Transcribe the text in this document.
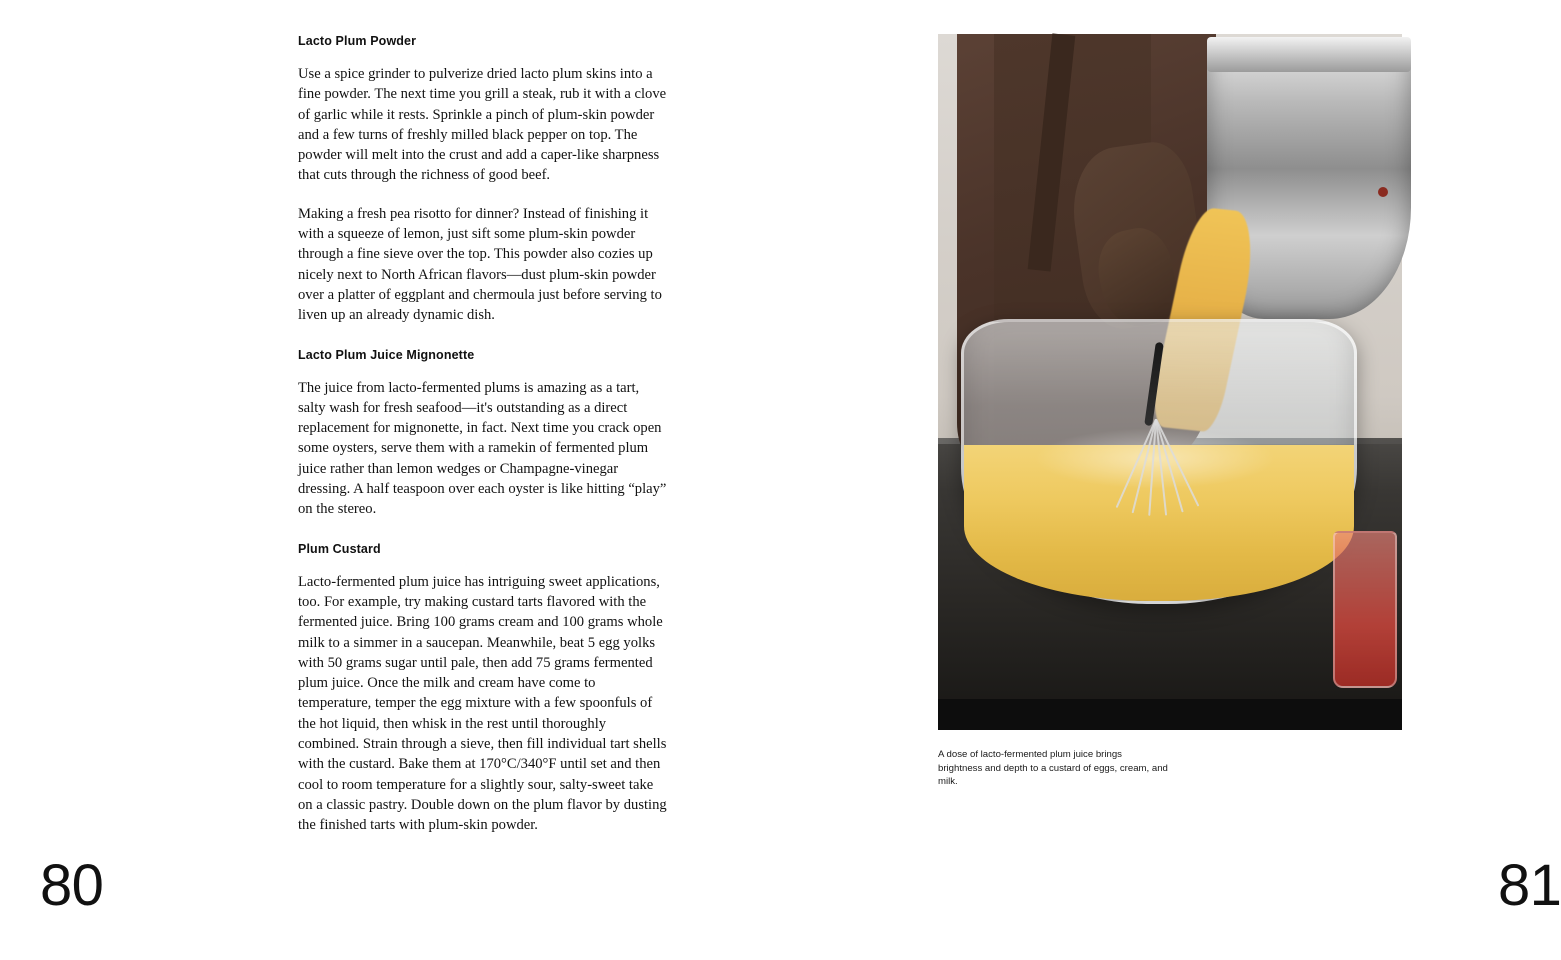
Lacto Plum Powder

Use a spice grinder to pulverize dried lacto plum skins into a fine powder. The next time you grill a steak, rub it with a clove of garlic while it rests. Sprinkle a pinch of plum-skin powder and a few turns of freshly milled black pepper on top. The powder will melt into the crust and add a caper-like sharpness that cuts through the richness of good beef.

Making a fresh pea risotto for dinner? Instead of finishing it with a squeeze of lemon, just sift some plum-skin powder through a fine sieve over the top. This powder also cozies up nicely next to North African flavors—dust plum-skin powder over a platter of eggplant and chermoula just before serving to liven up an already dynamic dish.

Lacto Plum Juice Mignonette

The juice from lacto-fermented plums is amazing as a tart, salty wash for fresh seafood—it's outstanding as a direct replacement for mignonette, in fact. Next time you crack open some oysters, serve them with a ramekin of fermented plum juice rather than lemon wedges or Champagne-vinegar dressing. A half teaspoon over each oyster is like hitting “play” on the stereo.

Plum Custard

Lacto-fermented plum juice has intriguing sweet applications, too. For example, try making custard tarts flavored with the fermented juice. Bring 100 grams cream and 100 grams whole milk to a simmer in a saucepan. Meanwhile, beat 5 egg yolks with 50 grams sugar until pale, then add 75 grams fermented plum juice. Once the milk and cream have come to temperature, temper the egg mixture with a few spoonfuls of the hot liquid, then whisk in the rest until thoroughly combined. Strain through a sieve, then fill individual tart shells with the custard. Bake them at 170°C/340°F until set and then cool to room temperature for a slightly sour, salty-sweet take on a classic pastry. Double down on the plum flavor by dusting the finished tarts with plum-skin powder.

80
A dose of lacto-fermented plum juice brings brightness and depth to a custard of eggs, cream, and milk.
81
